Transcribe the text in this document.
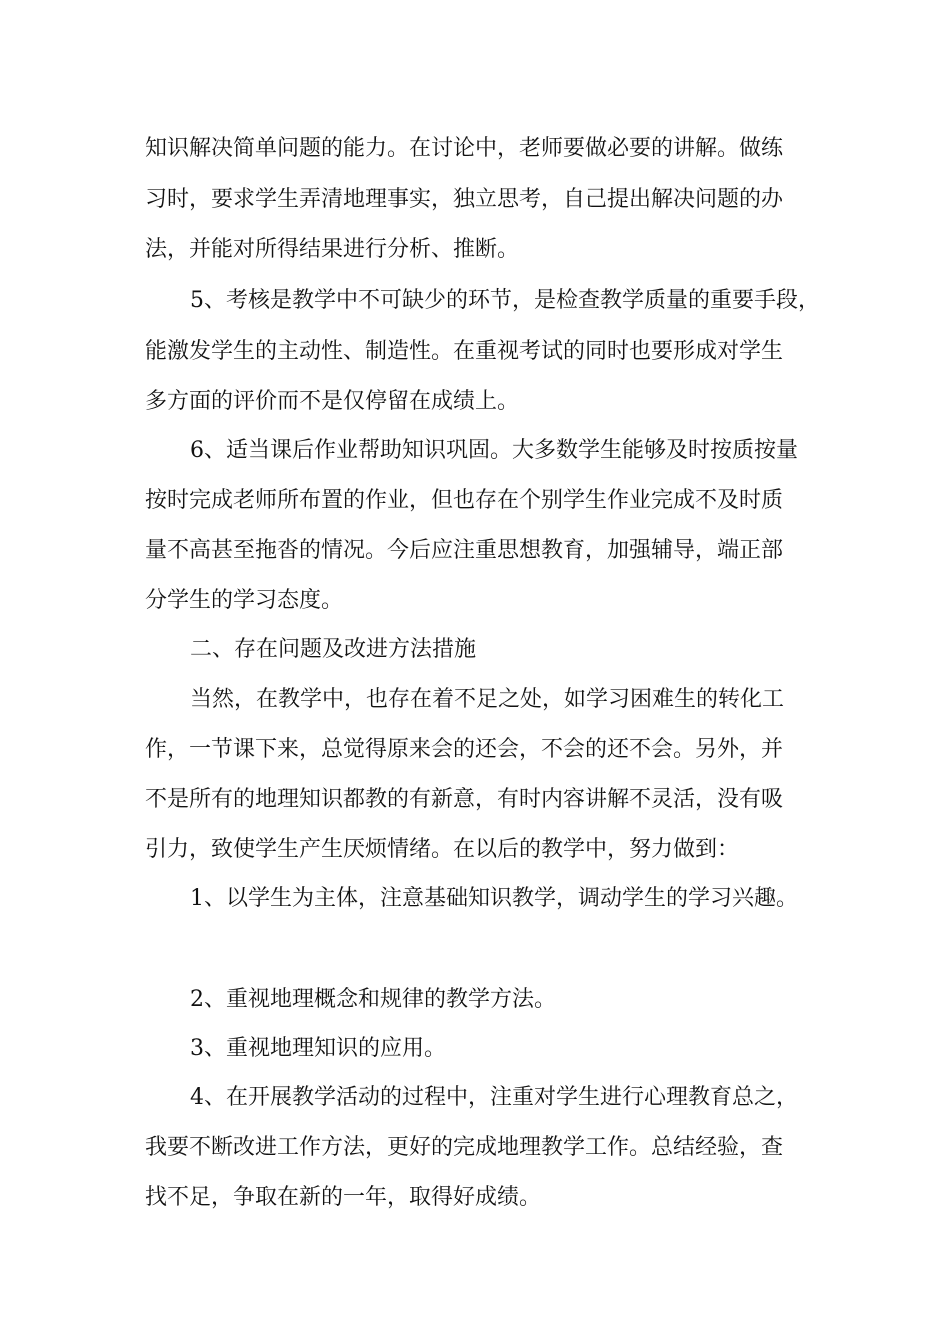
知识解决简单问题的能力。在讨论中，老师要做必要的讲解。做练
习时，要求学生弄清地理事实，独立思考，自己提出解决问题的办
法，并能对所得结果进行分析、推断。
5、考核是教学中不可缺少的环节，是检查教学质量的重要手段，
能激发学生的主动性、制造性。在重视考试的同时也要形成对学生
多方面的评价而不是仅停留在成绩上。
6、适当课后作业帮助知识巩固。大多数学生能够及时按质按量
按时完成老师所布置的作业，但也存在个别学生作业完成不及时质
量不高甚至拖沓的情况。今后应注重思想教育，加强辅导，端正部
分学生的学习态度。
二、存在问题及改进方法措施
当然，在教学中，也存在着不足之处，如学习困难生的转化工
作，一节课下来，总觉得原来会的还会，不会的还不会。另外，并
不是所有的地理知识都教的有新意，有时内容讲解不灵活，没有吸
引力，致使学生产生厌烦情绪。在以后的教学中，努力做到：
1、以学生为主体，注意基础知识教学，调动学生的学习兴趣。
2、重视地理概念和规律的教学方法。
3、重视地理知识的应用。
4、在开展教学活动的过程中，注重对学生进行心理教育总之，
我要不断改进工作方法，更好的完成地理教学工作。总结经验，查
找不足，争取在新的一年，取得好成绩。
